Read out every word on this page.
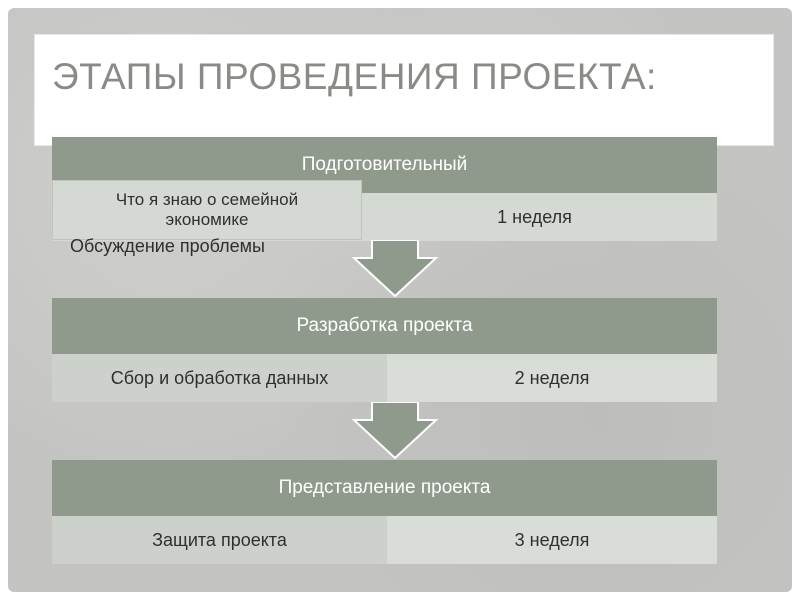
ЭТАПЫ ПРОВЕДЕНИЯ ПРОЕКТА:
Подготовительный
1 неделя
Что я знаю о семейной
экономике
Обсуждение проблемы
Разработка проекта
Сбор и обработка данных	2 неделя
Представление проекта
Защита проекта	3 неделя
